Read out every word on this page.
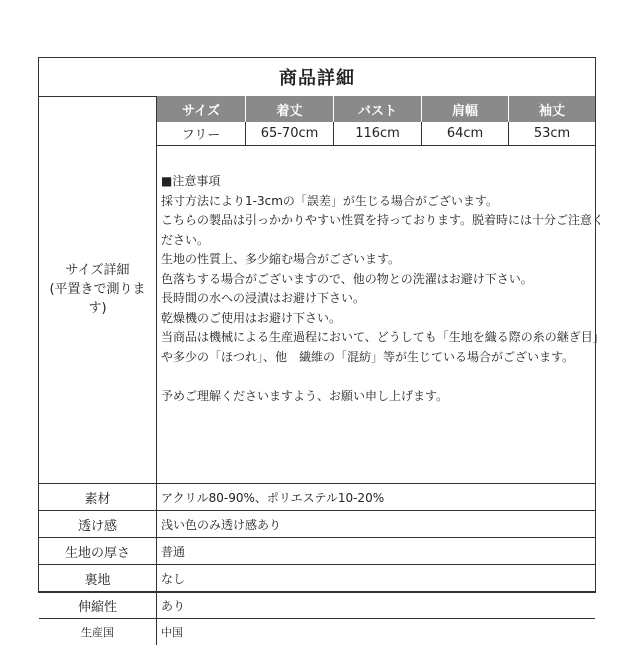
商品詳細
サイズ詳細
(平置きで測りま
す)
サイズ	着丈	バスト	肩幅	袖丈
フリー	65-70cm	116cm	64cm	53cm

■注意事項

採寸方法により1-3cmの「誤差」が生じる場合がございます。

こちらの製品は引っかかりやすい性質を持っております。脱着時には十分ご注意く

ださい。

生地の性質上、多少縮む場合がございます。

色落ちする場合がございますので、他の物との洗濯はお避け下さい。

長時間の水への浸漬はお避け下さい。

乾燥機のご使用はお避け下さい。

当商品は機械による生産過程において、どうしても「生地を織る際の糸の継ぎ目」

や多少の「ほつれ」、他　繊維の「混紡」等が生じている場合がございます。

予めご理解くださいますよう、お願い申し上げます。

素材	アクリル80-90%、ポリエステル10-20%
透け感	浅い色のみ透け感あり
生地の厚さ	普通
裏地	なし
伸縮性	あり
生産国	中国
